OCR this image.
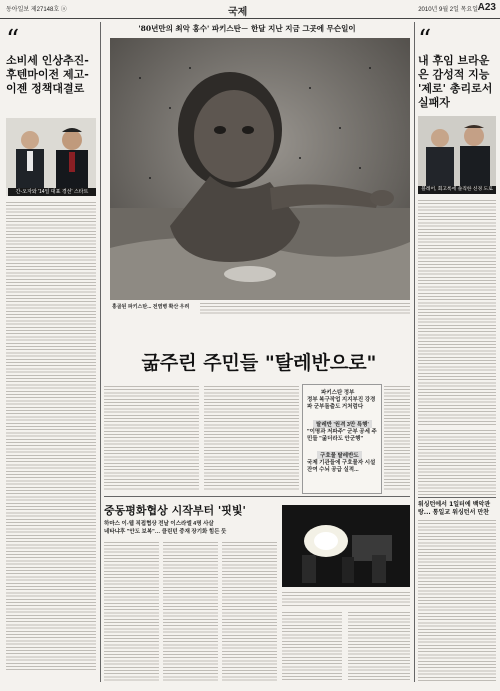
동아일보 제27148호 ⓐ	국제	2010년 9월 2일 목요일 A23
“
소비세 인상추진-후텐마이전 제고-이젠 정책대결로
간-오자와 '14일 대표 경선' 스타트
'80년만의 최악 홍수' 파키스탄－ 한달 지난 지금 그곳에 무슨일이
홍골된 파키스탄... 전염병 확산 우려
굶주린 주민들 "탈레반으로"
파키스탄 정부
정부 복구작업 지지부진 강경파 군부돌출도 거처럼다
탈레반 '원격 3만 특행'
"이명과 저파주" 군부 공세 주민들 "굶더라도 안군행"
구호물 탈레반도
국제 기관들에 구호물자 시설 잔여 수뇌 공급 실적...
중동평화협상 시작부터 '핏빛'
하마스 이-웹 직접협상 전날 이스라엘 4명 사살
네타냐후 "안도 보복"… 클린턴 중재 장기화 힘든 듯
“
내 후임 브라운은 감성적 지능 '제로' 총리로서 실패자
블레어, 회고록에 솔직한 신경 도로
워싱턴에서 1일터에 백악관랑... 통일교 워싱턴서 만찬
